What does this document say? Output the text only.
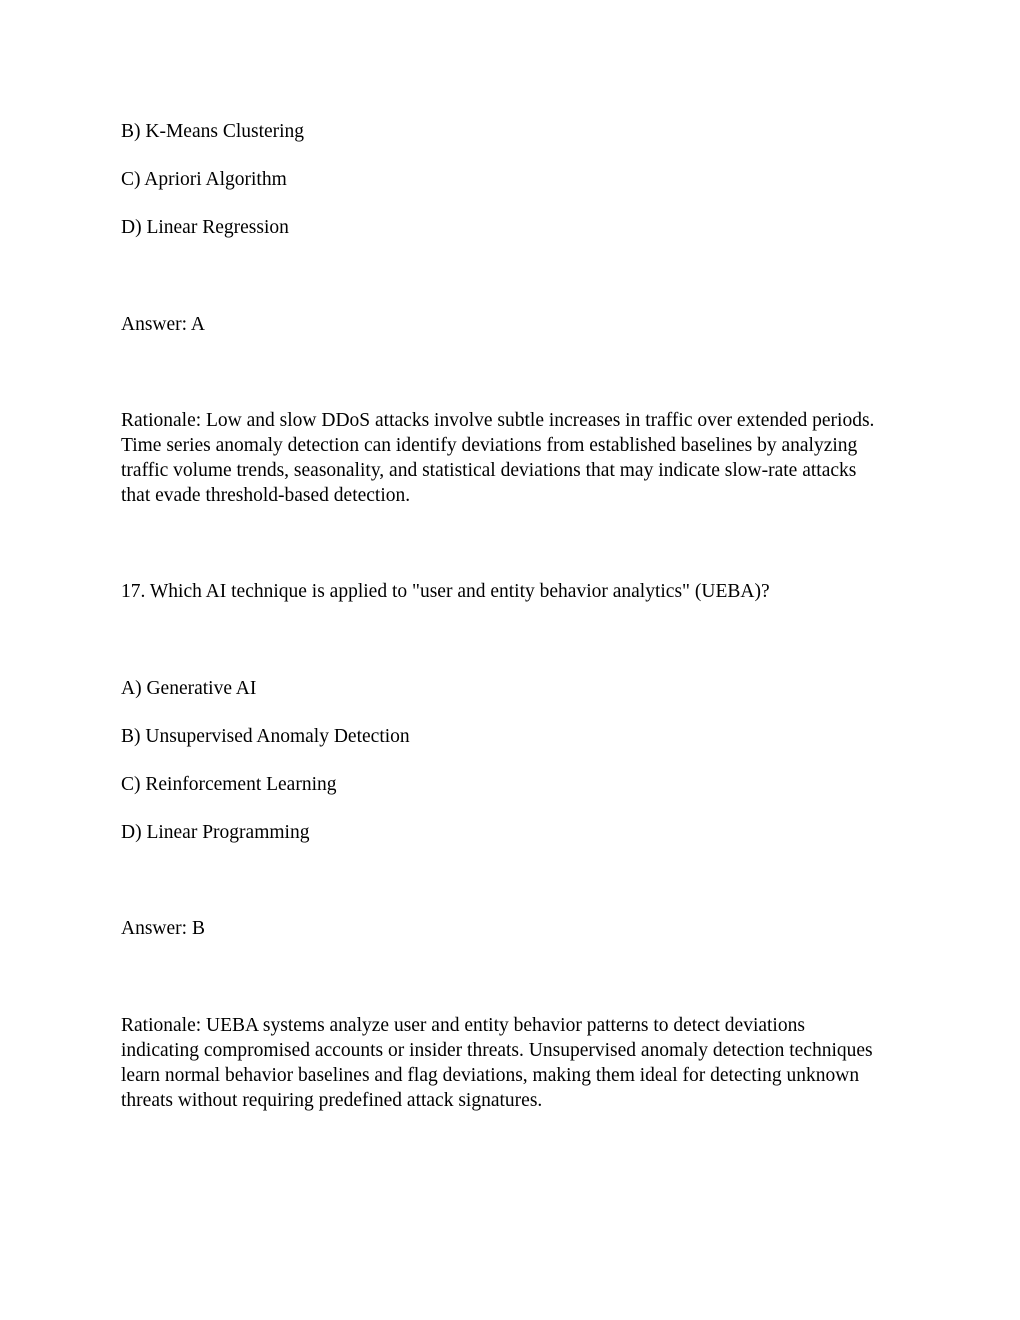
B) K-Means Clustering
C) Apriori Algorithm
D) Linear Regression
Answer: A
Rationale: Low and slow DDoS attacks involve subtle increases in traffic over extended periods.
Time series anomaly detection can identify deviations from established baselines by analyzing
traffic volume trends, seasonality, and statistical deviations that may indicate slow-rate attacks
that evade threshold-based detection.
17. Which AI technique is applied to "user and entity behavior analytics" (UEBA)?
A) Generative AI
B) Unsupervised Anomaly Detection
C) Reinforcement Learning
D) Linear Programming
Answer: B
Rationale: UEBA systems analyze user and entity behavior patterns to detect deviations
indicating compromised accounts or insider threats. Unsupervised anomaly detection techniques
learn normal behavior baselines and flag deviations, making them ideal for detecting unknown
threats without requiring predefined attack signatures.
